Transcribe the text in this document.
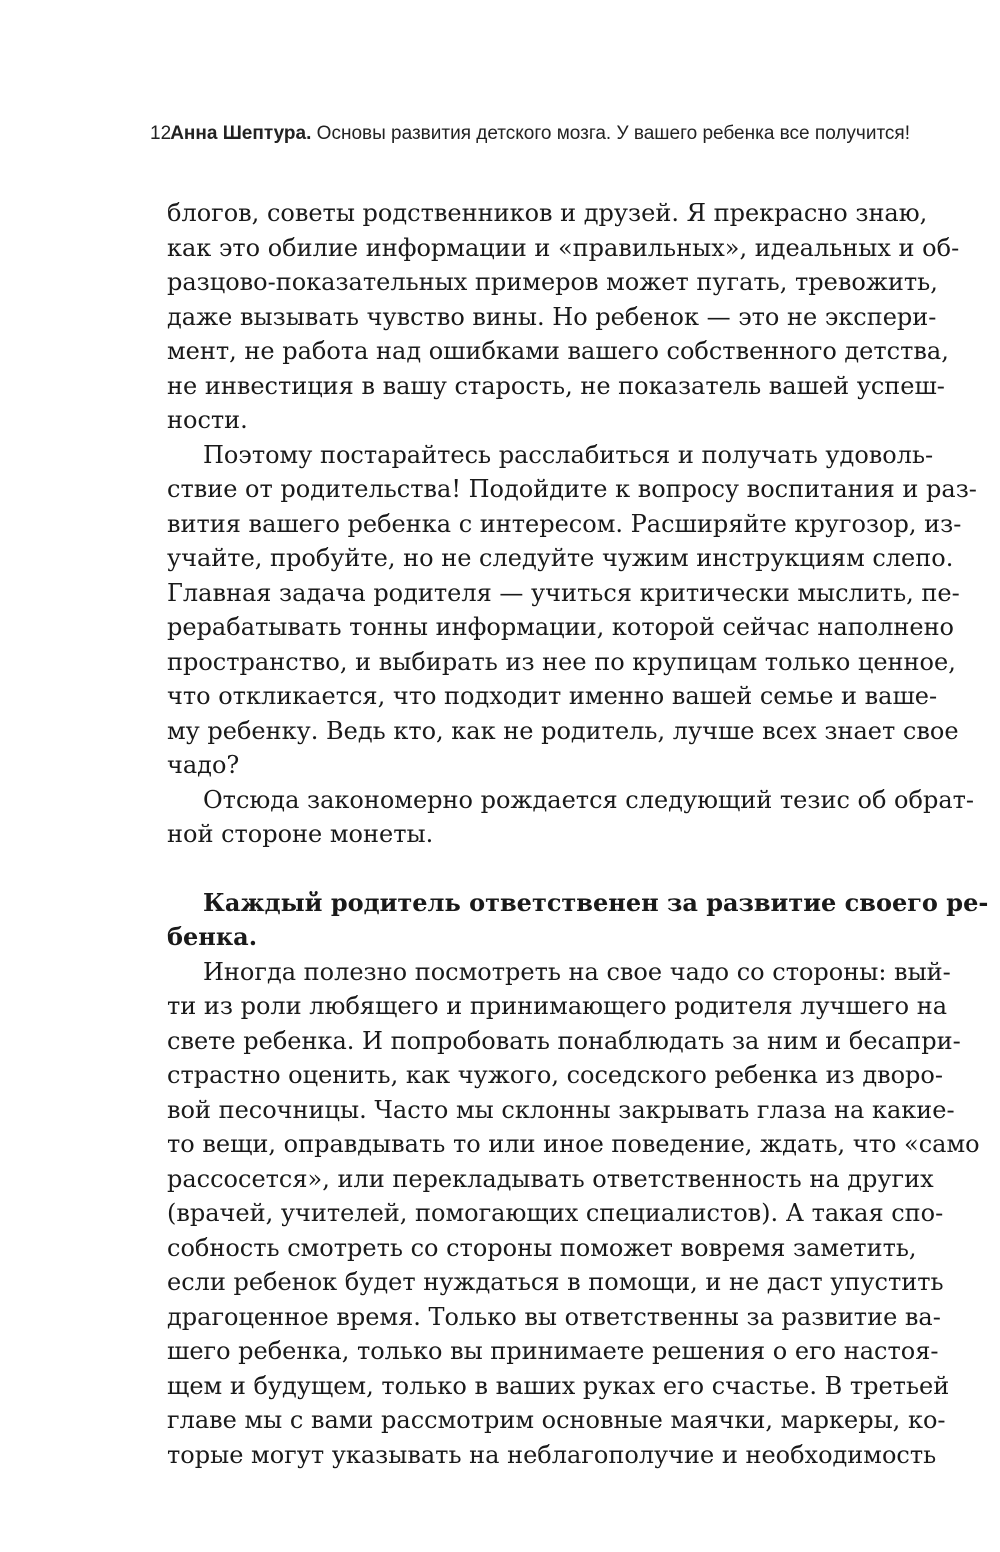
12 Анна Шептура. Основы развития детского мозга. У вашего ребенка все получится!
блогов, советы родственников и друзей. Я прекрасно знаю,
как это обилие информации и «правильных», идеальных и об-
разцово-показательных примеров может пугать, тревожить,
даже вызывать чувство вины. Но ребенок — это не экспери-
мент, не работа над ошибками вашего собственного детства,
не инвестиция в вашу старость, не показатель вашей успеш-
ности.
Поэтому постарайтесь расслабиться и получать удоволь-
ствие от родительства! Подойдите к вопросу воспитания и раз-
вития вашего ребенка с интересом. Расширяйте кругозор, из-
учайте, пробуйте, но не следуйте чужим инструкциям слепо.
Главная задача родителя — учиться критически мыслить, пе-
рерабатывать тонны информации, которой сейчас наполнено
пространство, и выбирать из нее по крупицам только ценное,
что откликается, что подходит именно вашей семье и ваше-
му ребенку. Ведь кто, как не родитель, лучше всех знает свое
чадо?
Отсюда закономерно рождается следующий тезис об обрат-
ной стороне монеты.
Каждый родитель ответственен за развитие своего ре-
бенка.
Иногда полезно посмотреть на свое чадо со стороны: вый-
ти из роли любящего и принимающего родителя лучшего на
свете ребенка. И попробовать понаблюдать за ним и бесапри-
страстно оценить, как чужого, соседского ребенка из дворо-
вой песочницы. Часто мы склонны закрывать глаза на какие-
то вещи, оправдывать то или иное поведение, ждать, что «само
рассосется», или перекладывать ответственность на других
(врачей, учителей, помогающих специалистов). А такая спо-
собность смотреть со стороны поможет вовремя заметить,
если ребенок будет нуждаться в помощи, и не даст упустить
драгоценное время. Только вы ответственны за развитие ва-
шего ребенка, только вы принимаете решения о его настоя-
щем и будущем, только в ваших руках его счастье. В третьей
главе мы с вами рассмотрим основные маячки, маркеры, ко-
торые могут указывать на неблагополучие и необходимость
